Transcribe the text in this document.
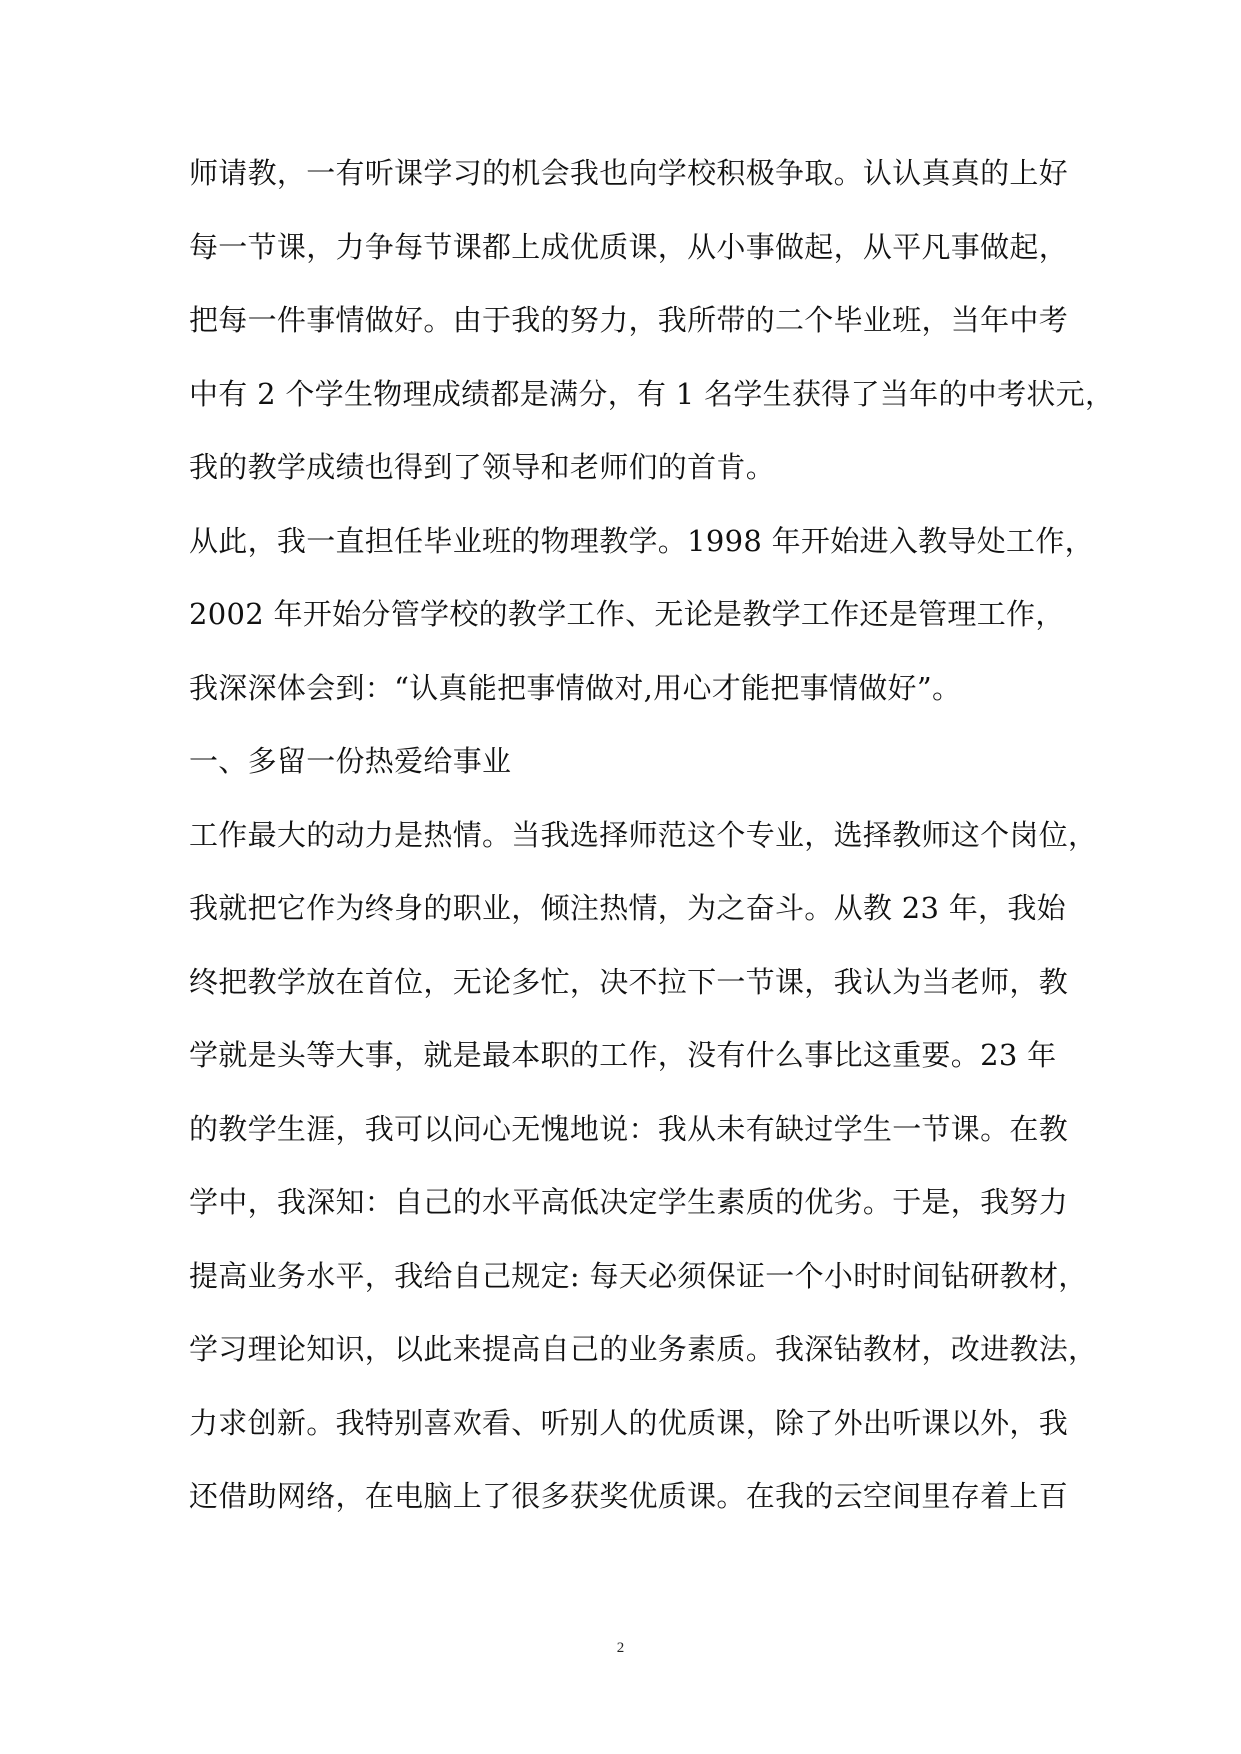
师请教，一有听课学习的机会我也向学校积极争取。认认真真的上好
每一节课，力争每节课都上成优质课，从小事做起，从平凡事做起，
把每一件事情做好。由于我的努力，我所带的二个毕业班，当年中考
中有 2 个学生物理成绩都是满分，有 1 名学生获得了当年的中考状元，
我的教学成绩也得到了领导和老师们的首肯。
从此，我一直担任毕业班的物理教学。1998 年开始进入教导处工作，
2002 年开始分管学校的教学工作、无论是教学工作还是管理工作，
我深深体会到：“认真能把事情做对,用心才能把事情做好”。
一、多留一份热爱给事业
工作最大的动力是热情。当我选择师范这个专业，选择教师这个岗位，
我就把它作为终身的职业，倾注热情，为之奋斗。从教 23 年，我始
终把教学放在首位，无论多忙，决不拉下一节课，我认为当老师，教
学就是头等大事，就是最本职的工作，没有什么事比这重要。23 年
的教学生涯，我可以问心无愧地说：我从未有缺过学生一节课。在教
学中，我深知：自己的水平高低决定学生素质的优劣。于是，我努力
提高业务水平，我给自己规定: 每天必须保证一个小时时间钻研教材，
学习理论知识，以此来提高自己的业务素质。我深钻教材，改进教法，
力求创新。我特别喜欢看、听别人的优质课，除了外出听课以外，我
还借助网络，在电脑上了很多获奖优质课。在我的云空间里存着上百
2
